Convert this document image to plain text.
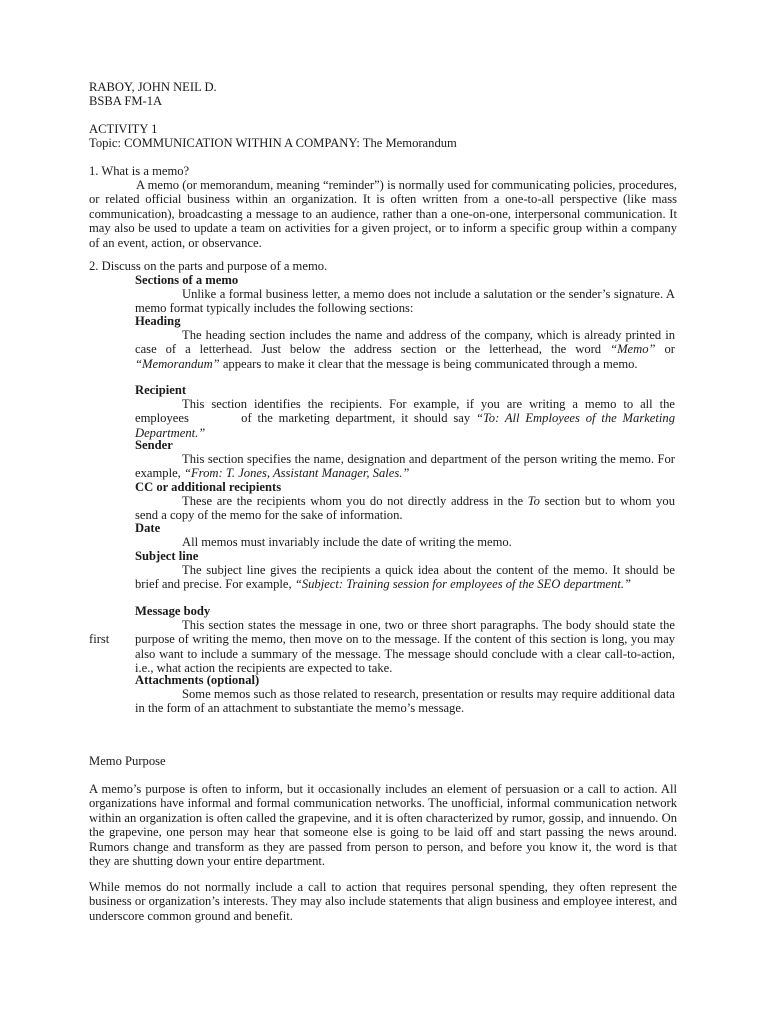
RABOY, JOHN NEIL D.

BSBA FM-1A

ACTIVITY 1

Topic: COMMUNICATION WITHIN A COMPANY: The Memorandum

1. What is a memo?

A memo (or memorandum, meaning “reminder”) is normally used for communicating policies, procedures, or related official business within an organization. It is often written from a one-to-all perspective (like mass communication), broadcasting a message to an audience, rather than a one-on-one, interpersonal communication. It may also be used to update a team on activities for a given project, or to inform a specific group within a company of an event, action, or observance.

2. Discuss on the parts and purpose of a memo.

Sections of a memo

Unlike a formal business letter, a memo does not include a salutation or the sender’s signature. A memo format typically includes the following sections:

Heading

The heading section includes the name and address of the company, which is already printed in case of a letterhead. Just below the address section or the letterhead, the word “Memo” or “Memorandum” appears to make it clear that the message is being communicated through a memo.

Recipient

This section identifies the recipients. For example, if you are writing a memo to all the employees         of the marketing department, it should say “To: All Employees of the Marketing Department.”

Sender

This section specifies the name, designation and department of the person writing the memo. For         example, “From: T. Jones, Assistant Manager, Sales.”

CC or additional recipients

These are the recipients whom you do not directly address in the To section but to whom you send a copy of the memo for the sake of information.

Date

All memos must invariably include the date of writing the memo.

Subject line

The subject line gives the recipients a quick idea about the content of the memo. It should be brief and precise. For example, “Subject: Training session for employees of the SEO department.”

Message body

first

This section states the message in one, two or three short paragraphs. The body should state the purpose of writing the memo, then move on to the message. If the content of this section is long, you may also want to include a summary of the message. The message should conclude with a clear call-to-action, i.e., what action the recipients are expected to take.

Attachments (optional)

Some memos such as those related to research, presentation or results may require additional data in the form of an attachment to substantiate the memo’s message.

Memo Purpose

A memo’s purpose is often to inform, but it occasionally includes an element of persuasion or a call to action. All organizations have informal and formal communication networks. The unofficial, informal communication network within an organization is often called the grapevine, and it is often characterized by rumor, gossip, and innuendo. On the grapevine, one person may hear that someone else is going to be laid off and start passing the news around. Rumors change and transform as they are passed from person to person, and before you know it, the word is that they are shutting down your entire department.

While memos do not normally include a call to action that requires personal spending, they often represent the business or organization’s interests. They may also include statements that align business and employee interest, and underscore common ground and benefit.
